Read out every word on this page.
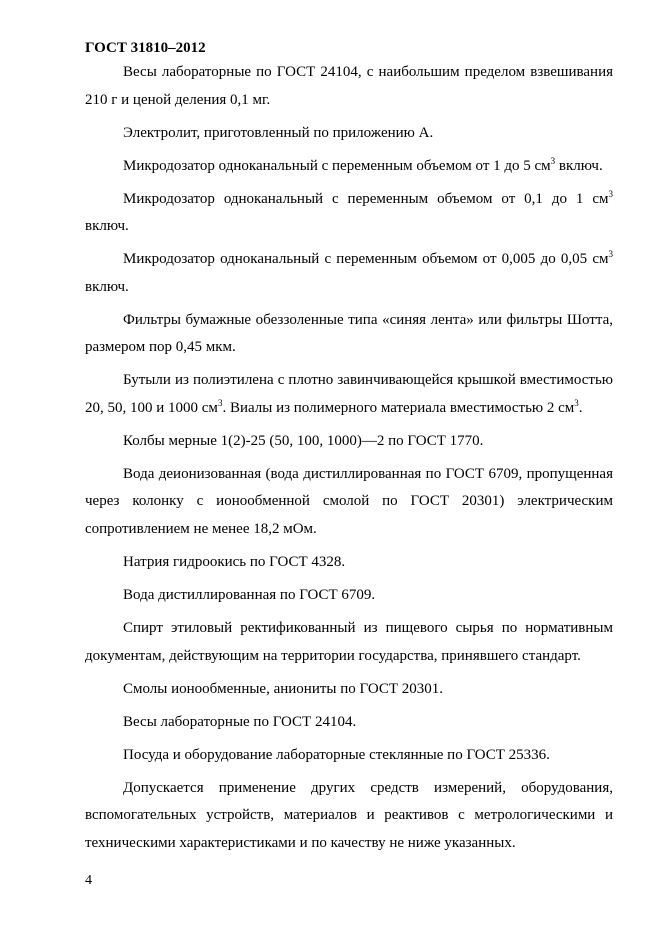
ГОСТ 31810–2012

Весы лабораторные по ГОСТ 24104, с наибольшим пределом взвешивания 210 г и ценой деления 0,1 мг.

Электролит, приготовленный по приложению А.

Микродозатор одноканальный с переменным объемом от 1 до 5 $см^3$ включ.

Микродозатор одноканальный с переменным объемом от 0,1 до 1 $см^3$ включ.

Микродозатор одноканальный с переменным объемом от 0,005 до 0,05 $см^3$ включ.

Фильтры бумажные обеззоленные типа «синяя лента» или фильтры Шотта, размером пор 0,45 мкм.

Бутыли из полиэтилена с плотно завинчивающейся крышкой вместимостью 20, 50, 100 и 1000 $см^3$. Виалы из полимерного материала вместимостью 2 $см^3$.

Колбы мерные 1(2)-25 (50, 100, 1000)—2 по ГОСТ 1770.

Вода деионизованная (вода дистиллированная по ГОСТ 6709, пропущенная через колонку с ионообменной смолой по ГОСТ 20301) электрическим сопротивлением не менее 18,2 мОм.

Натрия гидроокись по ГОСТ 4328.

Вода дистиллированная по ГОСТ 6709.

Спирт этиловый ректификованный из пищевого сырья по нормативным документам, действующим на территории государства, принявшего стандарт.

Смолы ионообменные, аниониты по ГОСТ 20301.

Весы лабораторные по ГОСТ 24104.

Посуда и оборудование лабораторные стеклянные по ГОСТ 25336.

Допускается применение других средств измерений, оборудования, вспомогательных устройств, материалов и реактивов с метрологическими и техническими характеристиками и по качеству не ниже указанных.

4
